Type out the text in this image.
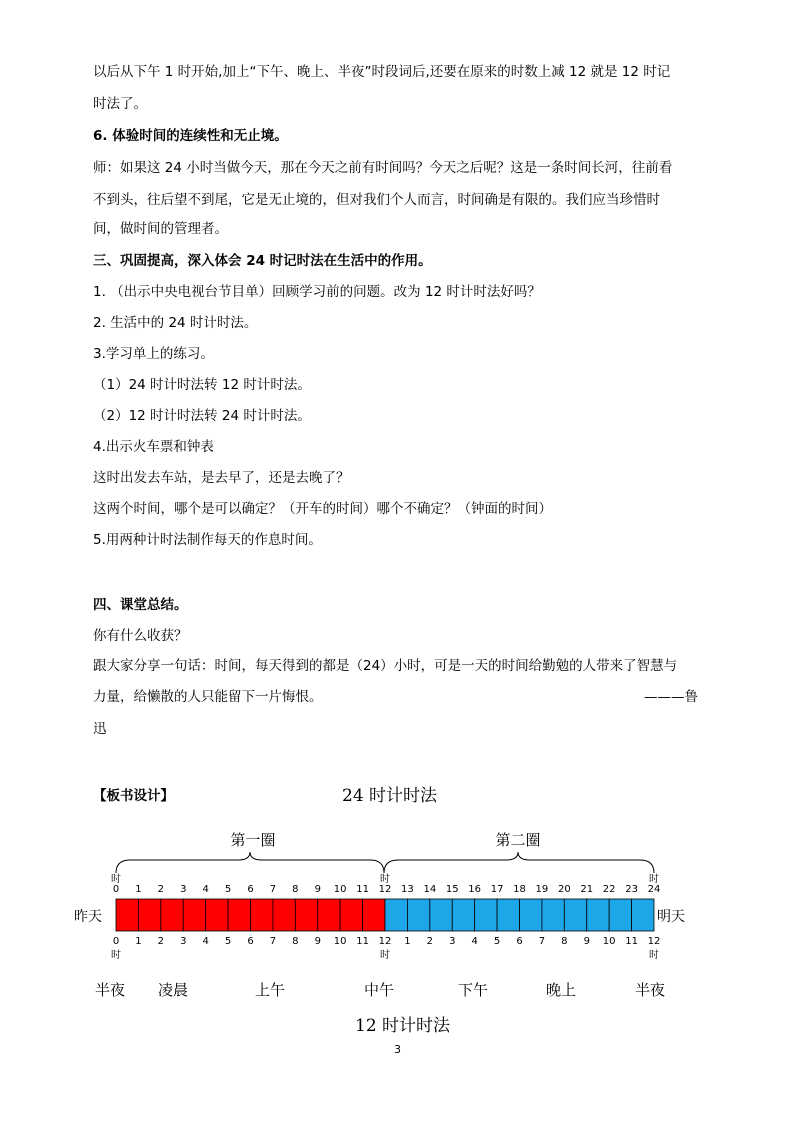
以后从下午 1 时开始,加上“下午、晚上、半夜”时段词后,还要在原来的时数上减 12 就是 12 时记
时法了。
6. 体验时间的连续性和无止境。
师：如果这 24 小时当做今天，那在今天之前有时间吗？今天之后呢？这是一条时间长河，往前看
不到头，往后望不到尾，它是无止境的，但对我们个人而言，时间确是有限的。我们应当珍惜时
间，做时间的管理者。
三、巩固提高，深入体会 24 时记时法在生活中的作用。
1. （出示中央电视台节目单）回顾学习前的问题。改为 12 时计时法好吗？
2. 生活中的 24 时计时法。
3.学习单上的练习。
（1）24 时计时法转 12 时计时法。
（2）12 时计时法转 24 时计时法。
4.出示火车票和钟表
这时出发去车站，是去早了，还是去晚了？
这两个时间，哪个是可以确定？（开车的时间）哪个不确定？（钟面的时间）
5.用两种计时法制作每天的作息时间。
四、课堂总结。
你有什么收获？
跟大家分享一句话：时间，每天得到的都是（24）小时，可是一天的时间给勤勉的人带来了智慧与
力量，给懒散的人只能留下一片悔恨。	———鲁
迅
【板书设计】	24 时计时法
12 时计时法
3
第一圈	第二圈
昨天	明天
0 1 2 3 4 5 6 7 8 9 10 11 12 13 14 15 16 17 18 19 20 21 22 23 24
0 1 2 3 4 5 6 7 8 9 10 11 12 1 2 3 4 5 6 7 8 9 10 11 12
时
时
时
时
时
时
半夜 凌晨	上午	中午	下午	晚上	半夜
